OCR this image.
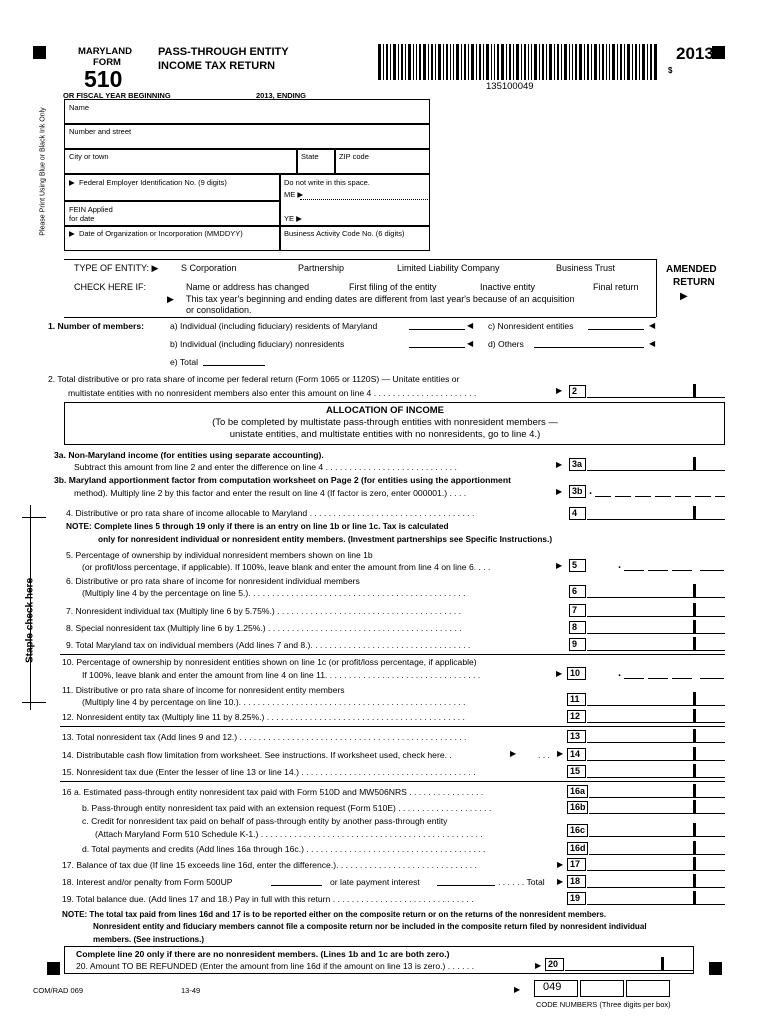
MARYLAND
FORM
510
PASS-THROUGH ENTITY
INCOME TAX RETURN
135100049
2013
$
OR FISCAL YEAR BEGINNING	2013, ENDING
Please Print Using Blue or Black Ink Only
Staple check here
Name
Number and street
City or town	State	ZIP code
▶  Federal Employer Identification No. (9 digits)	Do not write in this space.
ME ▶
FEIN Applied
for date	YE ▶
▶  Date of Organization or Incorporation (MMDDYY)	Business Activity Code No. (6 digits)
TYPE OF ENTITY: ▶	S Corporation	Partnership	Limited Liability Company	Business Trust
CHECK HERE IF:	Name or address has changed	First filing of the entity	Inactive entity	Final return
▶ This tax year's beginning and ending dates are different from last year's because of an acquisition
or consolidation.
AMENDED
RETURN
▶
1. Number of members:	a) Individual (including fiduciary) residents of Maryland	◀ c) Nonresident entities	◀
b) Individual (including fiduciary) nonresidents	◀ d) Others	◀
e) Total
2. Total distributive or pro rata share of income per federal return (Form 1065 or 1120S) — Unitate entities or
multistate entities with no nonresident members also enter this amount on line 4 . . . . . . . . . . . . . . . . . . . . . .	▶	2
ALLOCATION OF INCOME
(To be completed by multistate pass-through entities with nonresident members —
unistate entities, and multistate entities with no nonresidents, go to line 4.)
3a. Non-Maryland income (for entities using separate accounting).
Subtract this amount from line 2 and enter the difference on line 4 . . . . . . . . . . . . . . . . . . . . . . . . . . . .	▶	3a
3b. Maryland apportionment factor from computation worksheet on Page 2 (for entities using the apportionment
method). Multiply line 2 by this factor and enter the result on line 4 (If factor is zero, enter 000001.) . . . .	▶	3b .
4. Distributive or pro rata share of income allocable to Maryland . . . . . . . . . . . . . . . . . . . . . . . . . . . . . . . . . . .	4
NOTE: Complete lines 5 through 19 only if there is an entry on line 1b or line 1c. Tax is calculated
only for nonresident individual or nonresident entity members. (Investment partnerships see Specific Instructions.)
5. Percentage of ownership by individual nonresident members shown on line 1b
(or profit/loss percentage, if applicable). If 100%, leave blank and enter the amount from line 4 on line 6. . . .	▶	5	.
6. Distributive or pro rata share of income for nonresident individual members
(Multiply line 4 by the percentage on line 5.). . . . . . . . . . . . . . . . . . . . . . . . . . . . . . . . . . . . . . . . . . . . . .	6
7. Nonresident individual tax (Multiply line 6 by 5.75%.) . . . . . . . . . . . . . . . . . . . . . . . . . . . . . . . . . . . . . . .	7
8. Special nonresident tax (Multiply line 6 by 1.25%.) . . . . . . . . . . . . . . . . . . . . . . . . . . . . . . . . . . . . . . . . .	8
9. Total Maryland tax on individual members (Add lines 7 and 8.). . . . . . . . . . . . . . . . . . . . . . . . . . . . . . . . . .	9
10. Percentage of ownership by nonresident entities shown on line 1c (or profit/loss percentage, if applicable)
If 100%, leave blank and enter the amount from line 4 on line 11. . . . . . . . . . . . . . . . . . . . . . . . . . . . . . . . .	▶ 10	.
11. Distributive or pro rata share of income for nonresident entity members
(Multiply line 4 by percentage on line 10.). . . . . . . . . . . . . . . . . . . . . . . . . . . . . . . . . . . . . . . . . . . . . . . .	11
12. Nonresident entity tax (Multiply line 11 by 8.25%.) . . . . . . . . . . . . . . . . . . . . . . . . . . . . . . . . . . . . . . . . . .	12
13. Total nonresident tax (Add lines 9 and 12.) . . . . . . . . . . . . . . . . . . . . . . . . . . . . . . . . . . . . . . . . . . . . . . . .	13
14. Distributable cash flow limitation from worksheet. See instructions. If worksheet used, check here. .	▶	. . . ▶ 14
15. Nonresident tax due (Enter the lesser of line 13 or line 14.) . . . . . . . . . . . . . . . . . . . . . . . . . . . . . . . . . . . . .	15
16 a. Estimated pass-through entity nonresident tax paid with Form 510D and MW506NRS . . . . . . . . . . . . . . . .	16a
b. Pass-through entity nonresident tax paid with an extension request (Form 510E) . . . . . . . . . . . . . . . . . . . .	16b
c. Credit for nonresident tax paid on behalf of pass-through entity by another pass-through entity
(Attach Maryland Form 510 Schedule K-1.) . . . . . . . . . . . . . . . . . . . . . . . . . . . . . . . . . . . . . . . . . . . . . . .	16c
d. Total payments and credits (Add lines 16a through 16c.) . . . . . . . . . . . . . . . . . . . . . . . . . . . . . . . . . . . . . .	16d
17. Balance of tax due (If line 15 exceeds line 16d, enter the difference.). . . . . . . . . . . . . . . . . . . . . . . . . . . . . .	▶ 17
18. Interest and/or penalty from Form 500UP	or late payment interest	. . . . . . Total ▶ 18
19. Total balance due. (Add lines 17 and 18.) Pay in full with this return . . . . . . . . . . . . . . . . . . . . . . . . . . . . . .	19
NOTE: The total tax paid from lines 16d and 17 is to be reported either on the composite return or on the returns of the nonresident members.
Nonresident entity and fiduciary members cannot file a composite return nor be included in the composite return filed by nonresident individual
members. (See instructions.)
Complete line 20 only if there are no nonresident members. (Lines 1b and 1c are both zero.)
20. Amount TO BE REFUNDED (Enter the amount from line 16d if the amount on line 13 is zero.) . . . . . .	▶ 20
COM/RAD 069	13-49	▶ 049
CODE NUMBERS (Three digits per box)
